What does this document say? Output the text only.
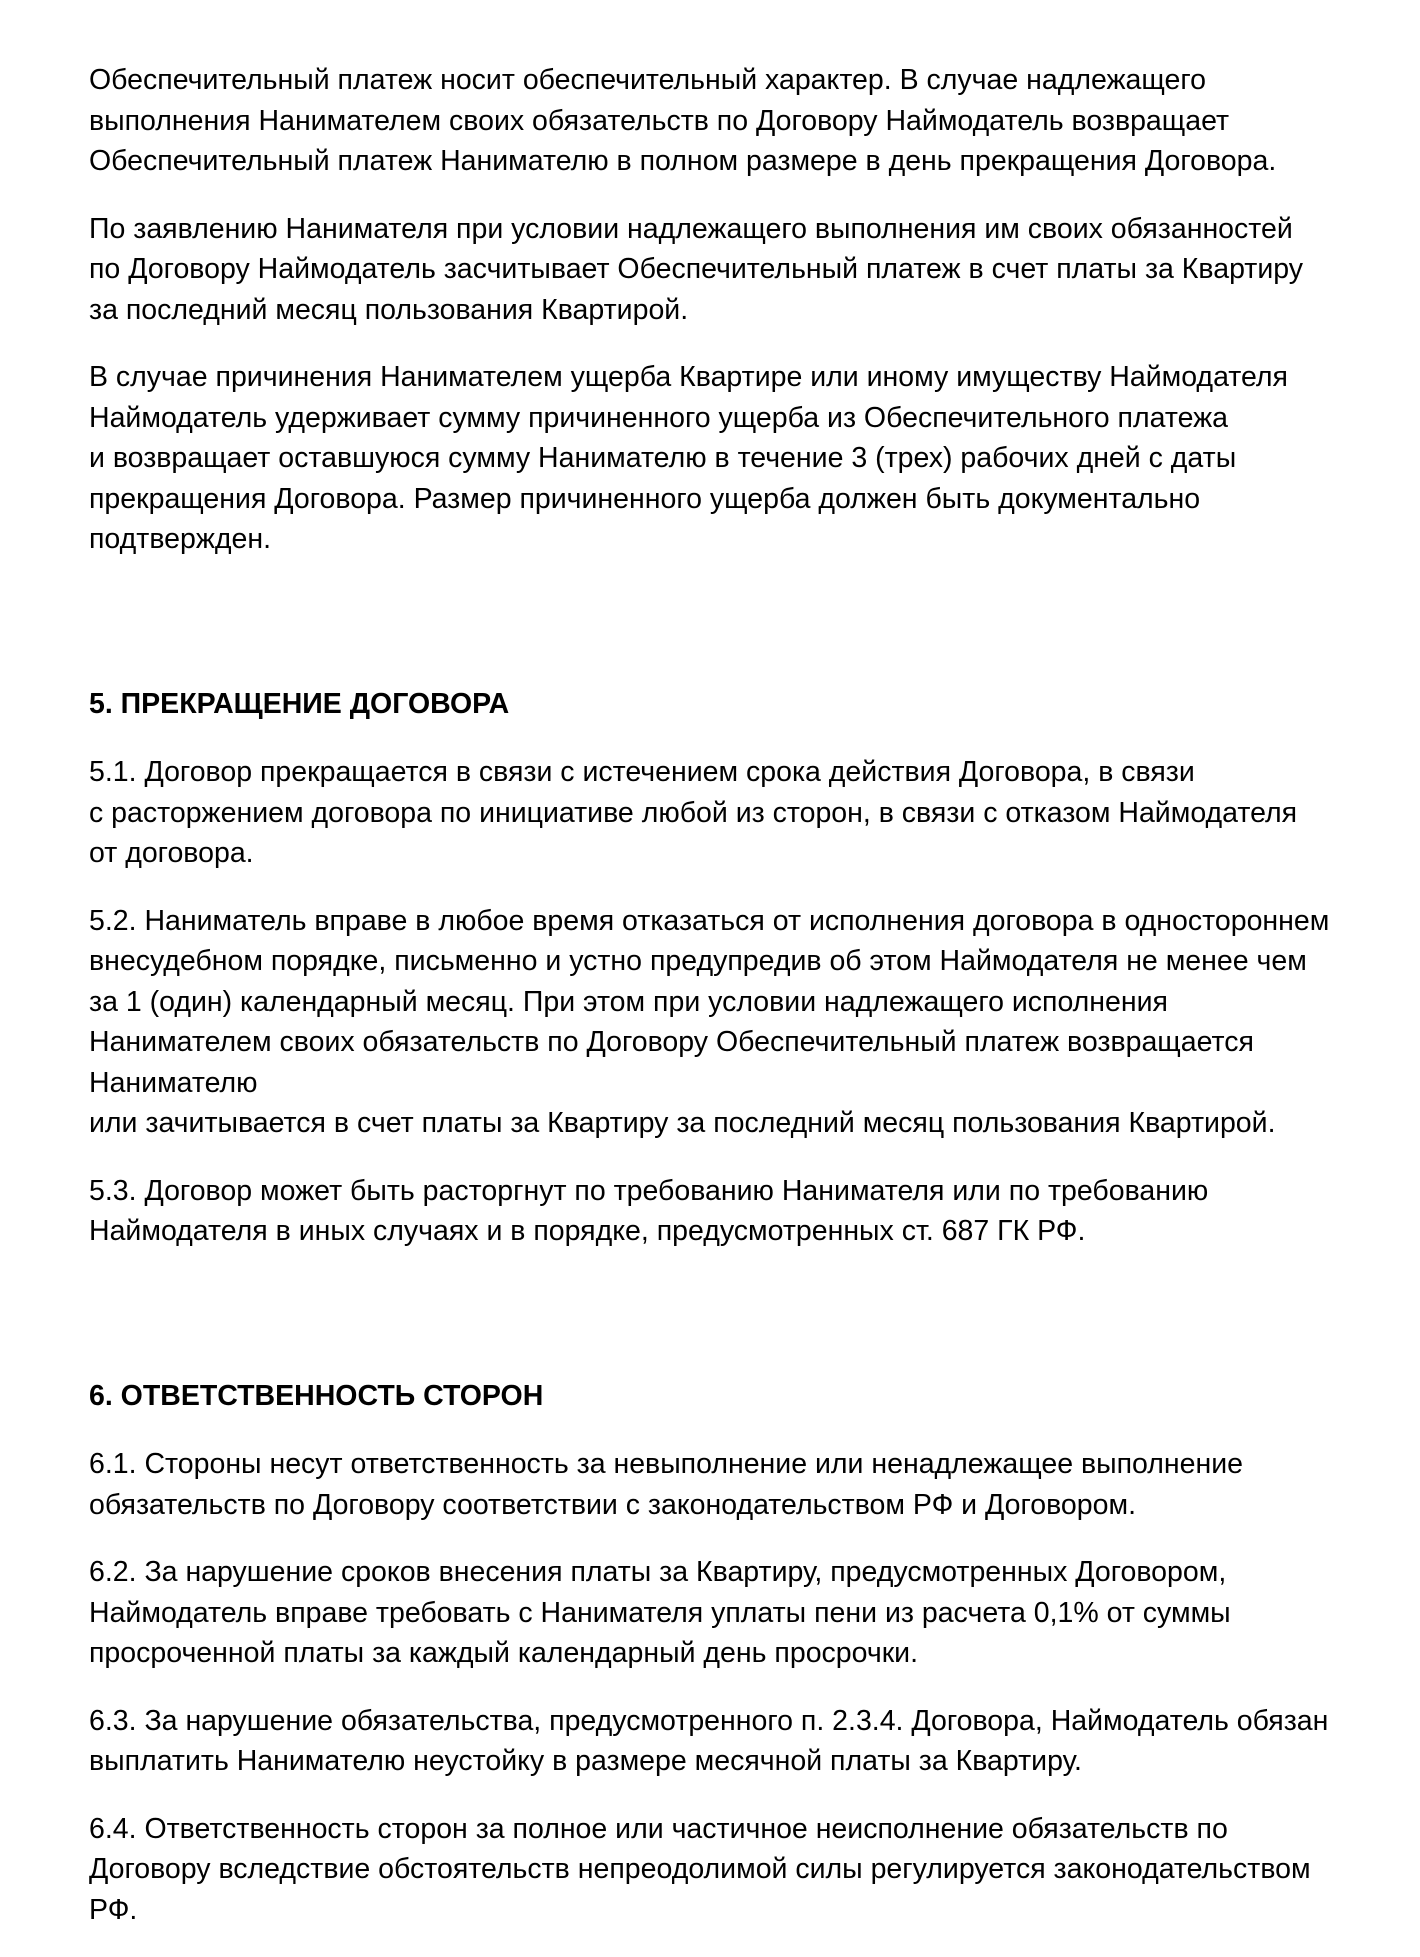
Обеспечительный платеж носит обеспечительный характер. В случае надлежащего
выполнения Нанимателем своих обязательств по Договору Наймодатель возвращает
Обеспечительный платеж Нанимателю в полном размере в день прекращения Договора.

По заявлению Нанимателя при условии надлежащего выполнения им своих обязанностей
по Договору Наймодатель засчитывает Обеспечительный платеж в счет платы за Квартиру
за последний месяц пользования Квартирой.

В случае причинения Нанимателем ущерба Квартире или иному имуществу Наймодателя
Наймодатель удерживает сумму причиненного ущерба из Обеспечительного платежа
и возвращает оставшуюся сумму Нанимателю в течение 3 (трех) рабочих дней с даты
прекращения Договора. Размер причиненного ущерба должен быть документально
подтвержден.

5. ПРЕКРАЩЕНИЕ ДОГОВОРА

5.1. Договор прекращается в связи с истечением срока действия Договора, в связи
с расторжением договора по инициативе любой из сторон, в связи с отказом Наймодателя
от договора.

5.2. Наниматель вправе в любое время отказаться от исполнения договора в одностороннем
внесудебном порядке, письменно и устно предупредив об этом Наймодателя не менее чем
за 1 (один) календарный месяц. При этом при условии надлежащего исполнения
Нанимателем своих обязательств по Договору Обеспечительный платеж возвращается
Нанимателю
или зачитывается в счет платы за Квартиру за последний месяц пользования Квартирой.

5.3. Договор может быть расторгнут по требованию Нанимателя или по требованию
Наймодателя в иных случаях и в порядке, предусмотренных ст. 687 ГК РФ.

6. ОТВЕТСТВЕННОСТЬ СТОРОН

6.1. Стороны несут ответственность за невыполнение или ненадлежащее выполнение
обязательств по Договору соответствии с законодательством РФ и Договором.

6.2. За нарушение сроков внесения платы за Квартиру, предусмотренных Договором,
Наймодатель вправе требовать с Нанимателя уплаты пени из расчета 0,1% от суммы
просроченной платы за каждый календарный день просрочки.

6.3. За нарушение обязательства, предусмотренного п. 2.3.4. Договора, Наймодатель обязан
выплатить Нанимателю неустойку в размере месячной платы за Квартиру.

6.4. Ответственность сторон за полное или частичное неисполнение обязательств по
Договору вследствие обстоятельств непреодолимой силы регулируется законодательством
РФ.
